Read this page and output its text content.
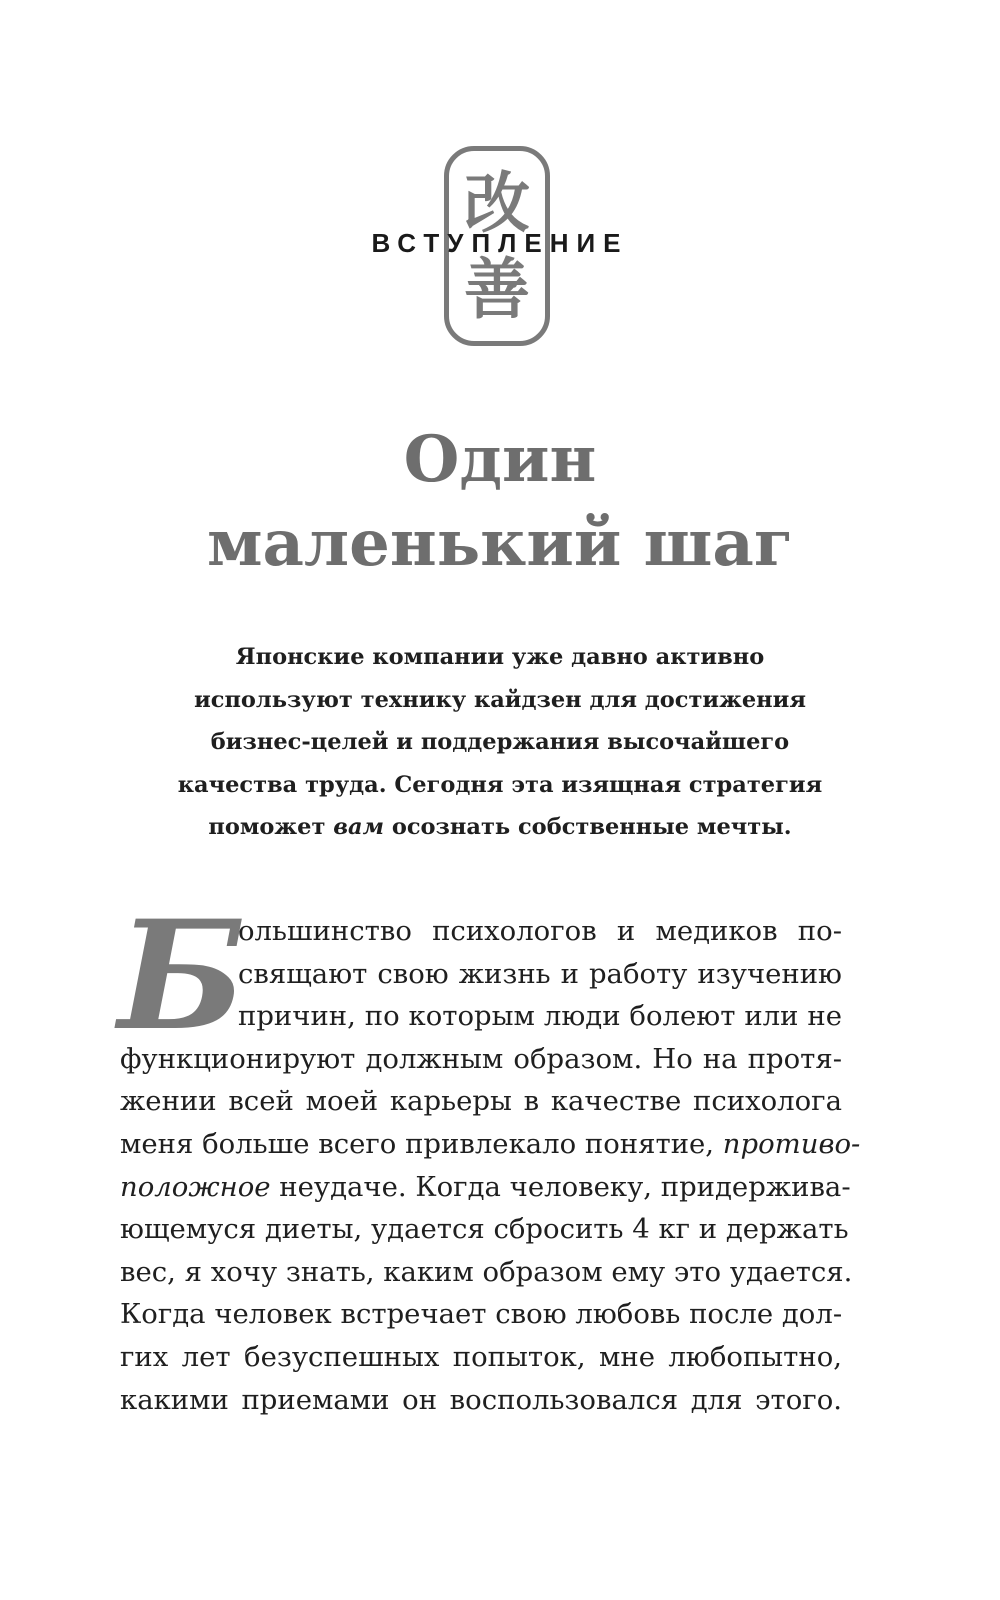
改
善
ВСТУПЛЕНИЕ
Один
маленький шаг
Японские компании уже давно активно
используют технику кайдзен для достижения
бизнес-целей и поддержания высочайшего
качества труда. Сегодня эта изящная стратегия
поможет вам осознать собственные мечты.
Б
ольшинство психологов и медиков по-
свящают свою жизнь и работу изучению
причин, по которым люди болеют или не
функционируют должным образом. Но на протя-
жении всей моей карьеры в качестве психолога
меня больше всего привлекало понятие, противо-
положное неудаче. Когда человеку, придержива-
ющемуся диеты, удается сбросить 4 кг и держать
вес, я хочу знать, каким образом ему это удается.
Когда человек встречает свою любовь после дол-
гих лет безуспешных попыток, мне любопытно,
какими приемами он воспользовался для этого.
